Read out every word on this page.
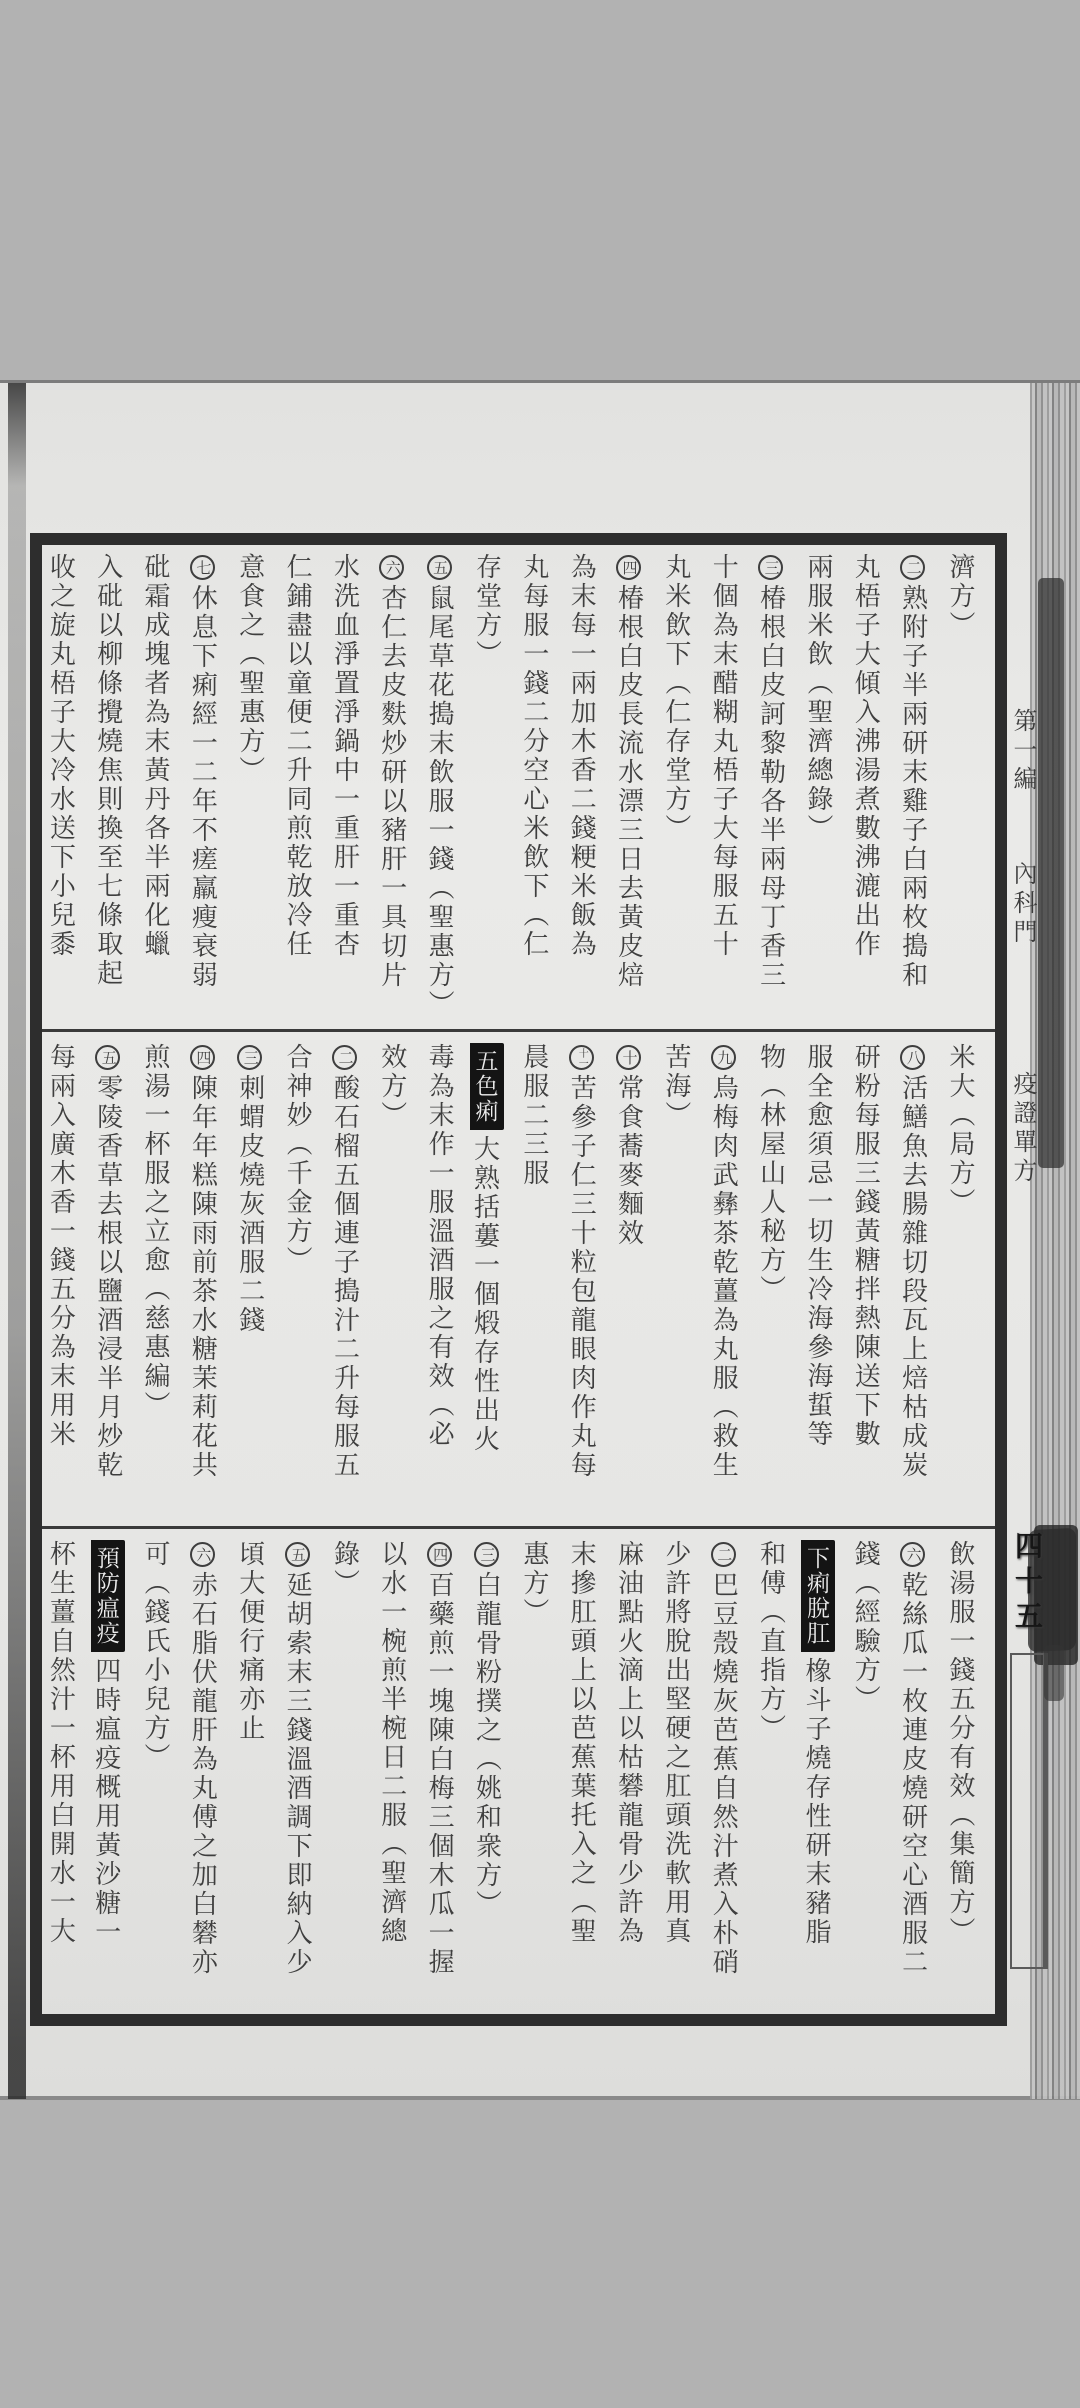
濟方）
二熟附子半兩研末雞子白兩枚搗和
丸梧子大傾入沸湯煮數沸漉出作
兩服米飲（聖濟總錄）
三椿根白皮訶黎勒各半兩母丁香三
十個為末醋糊丸梧子大每服五十
丸米飲下（仁存堂方）
四椿根白皮長流水漂三日去黃皮焙
為末每一兩加木香二錢粳米飯為
丸每服一錢二分空心米飲下（仁
存堂方）
五鼠尾草花搗末飲服一錢（聖惠方）
六杏仁去皮麩炒研以豬肝一具切片
水洗血淨置淨鍋中一重肝一重杏
仁鋪盡以童便二升同煎乾放冷任
意食之（聖惠方）
七休息下痢經一二年不瘥羸瘦衰弱
砒霜成塊者為末黃丹各半兩化蠟
入砒以柳條攪燒焦則換至七條取起
收之旋丸梧子大冷水送下小兒黍
米大（局方）
八活鱔魚去腸雜切段瓦上焙枯成炭
研粉每服三錢黃糖拌熱陳送下數
服全愈須忌一切生冷海參海蜇等
物（林屋山人秘方）
九烏梅肉武彝茶乾薑為丸服（救生
苦海）
十常食蕎麥麵效
十一苦參子仁三十粒包龍眼肉作丸每
晨服二三服
五色痢大熟括蔞一個煅存性出火
毒為末作一服溫酒服之有效（必
效方）
二酸石榴五個連子搗汁二升每服五
合神妙（千金方）
三刺蝟皮燒灰酒服二錢
四陳年年糕陳雨前茶水糖茉莉花共
煎湯一杯服之立愈（慈惠編）
五零陵香草去根以鹽酒浸半月炒乾
每兩入廣木香一錢五分為末用米
飲湯服一錢五分有效（集簡方）
六乾絲瓜一枚連皮燒研空心酒服二
錢（經驗方）
下痢脫肛橡斗子燒存性研末豬脂
和傅（直指方）
二巴豆殼燒灰芭蕉自然汁煮入朴硝
少許將脫出堅硬之肛頭洗軟用真
麻油點火滴上以枯礬龍骨少許為
末摻肛頭上以芭蕉葉托入之（聖
惠方）
三白龍骨粉撲之（姚和衆方）
四百藥煎一塊陳白梅三個木瓜一握
以水一椀煎半椀日二服（聖濟總
錄）
五延胡索末三錢溫酒調下即納入少
頃大便行痛亦止
六赤石脂伏龍肝為丸傅之加白礬亦
可（錢氏小兒方）
預防瘟疫四時瘟疫概用黃沙糖一
杯生薑自然汁一杯用白開水一大
第一編
內科門
疫證單方
四十五
